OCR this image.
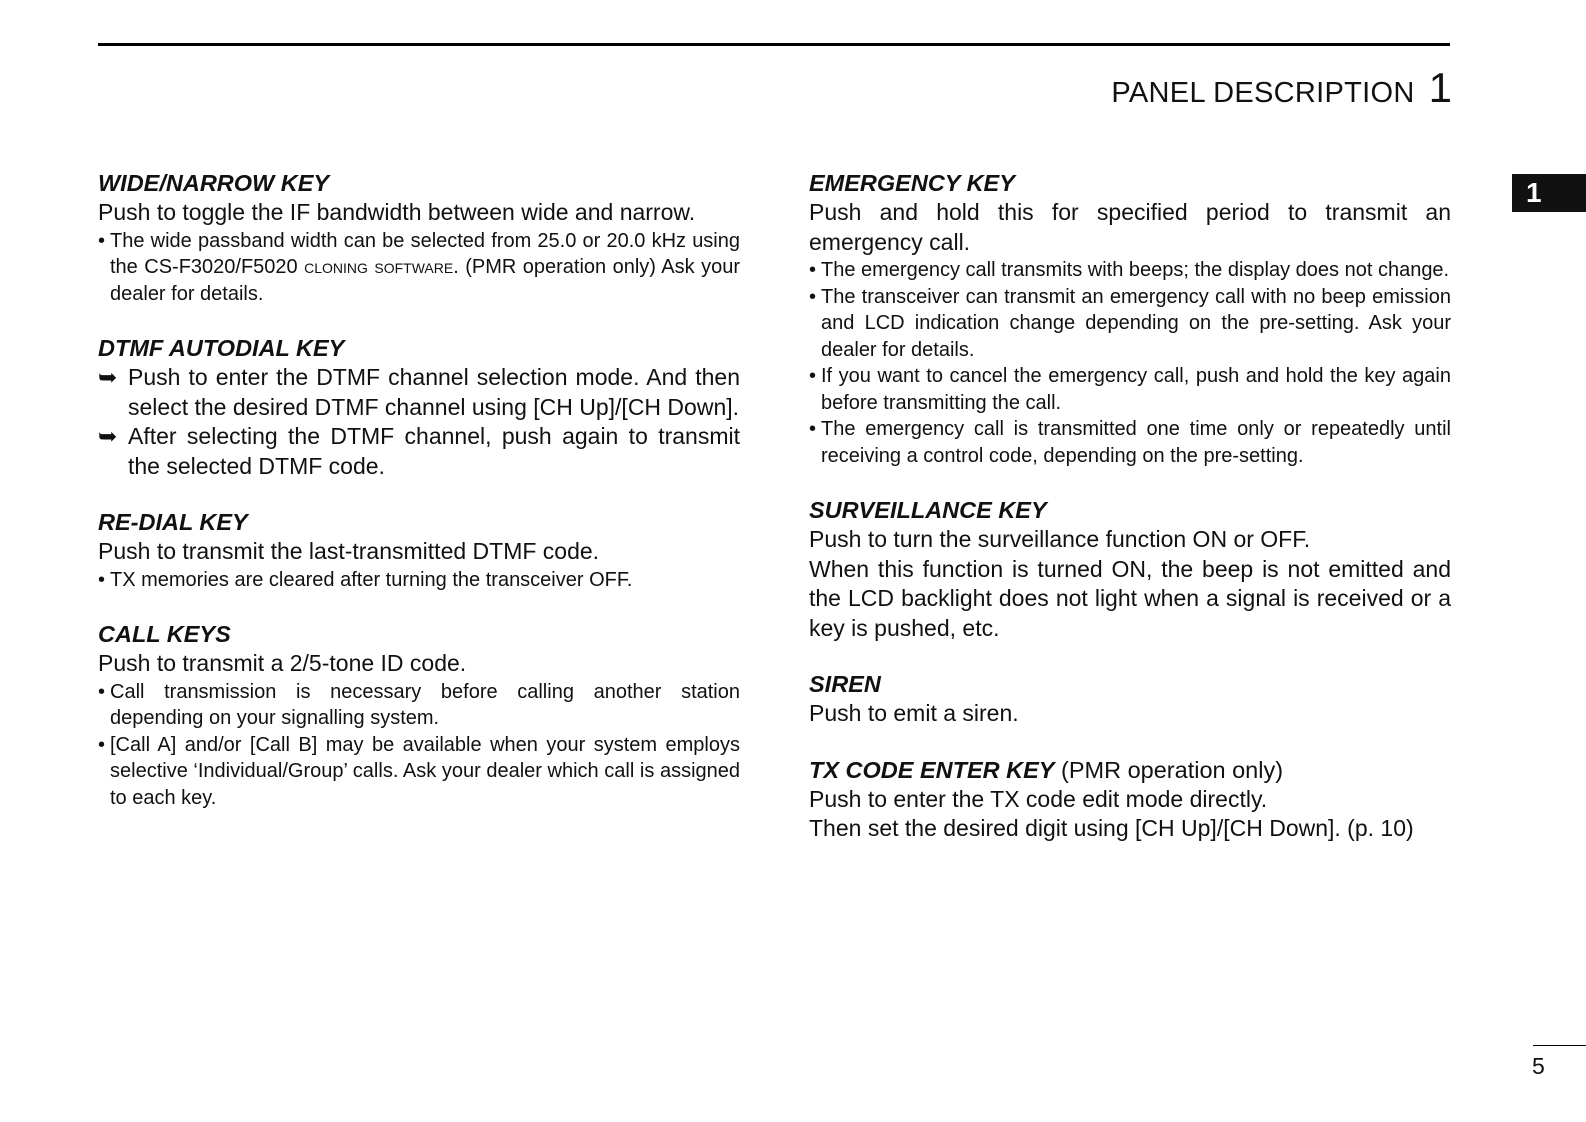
PANEL DESCRIPTION 1
1
WIDE/NARROW KEY

Push to toggle the IF bandwidth between wide and narrow.

• The wide passband width can be selected from 25.0 or 20.0 kHz using the CS-F3020/F5020 cloning software. (PMR operation only) Ask your dealer for details.
DTMF AUTODIAL KEY
➥ Push to enter the DTMF channel selection mode. And then select the desired DTMF channel using [CH Up]/[CH Down].
➥ After selecting the DTMF channel, push again to transmit the selected DTMF code.
RE-DIAL KEY

Push to transmit the last-transmitted DTMF code.

• TX memories are cleared after turning the transceiver OFF.
CALL KEYS

Push to transmit a 2/5-tone ID code.

• Call transmission is necessary before calling another station depending on your signalling system.
• [Call A] and/or [Call B] may be available when your system employs selective ‘Individual/Group’ calls. Ask your dealer which call is assigned to each key.
EMERGENCY KEY

Push and hold this for specified period to transmit an emergency call.

• The emergency call transmits with beeps; the display does not change.
• The transceiver can transmit an emergency call with no beep emission and LCD indication change depending on the pre-setting. Ask your dealer for details.
• If you want to cancel the emergency call, push and hold the key again before transmitting the call.
• The emergency call is transmitted one time only or repeatedly until receiving a control code, depending on the pre-setting.
SURVEILLANCE KEY

Push to turn the surveillance function ON or OFF.

When this function is turned ON, the beep is not emitted and the LCD backlight does not light when a signal is received or a key is pushed, etc.

SIREN

Push to emit a siren.

TX CODE ENTER KEY (PMR operation only)

Push to enter the TX code edit mode directly.

Then set the desired digit using [CH Up]/[CH Down]. (p. 10)

5
